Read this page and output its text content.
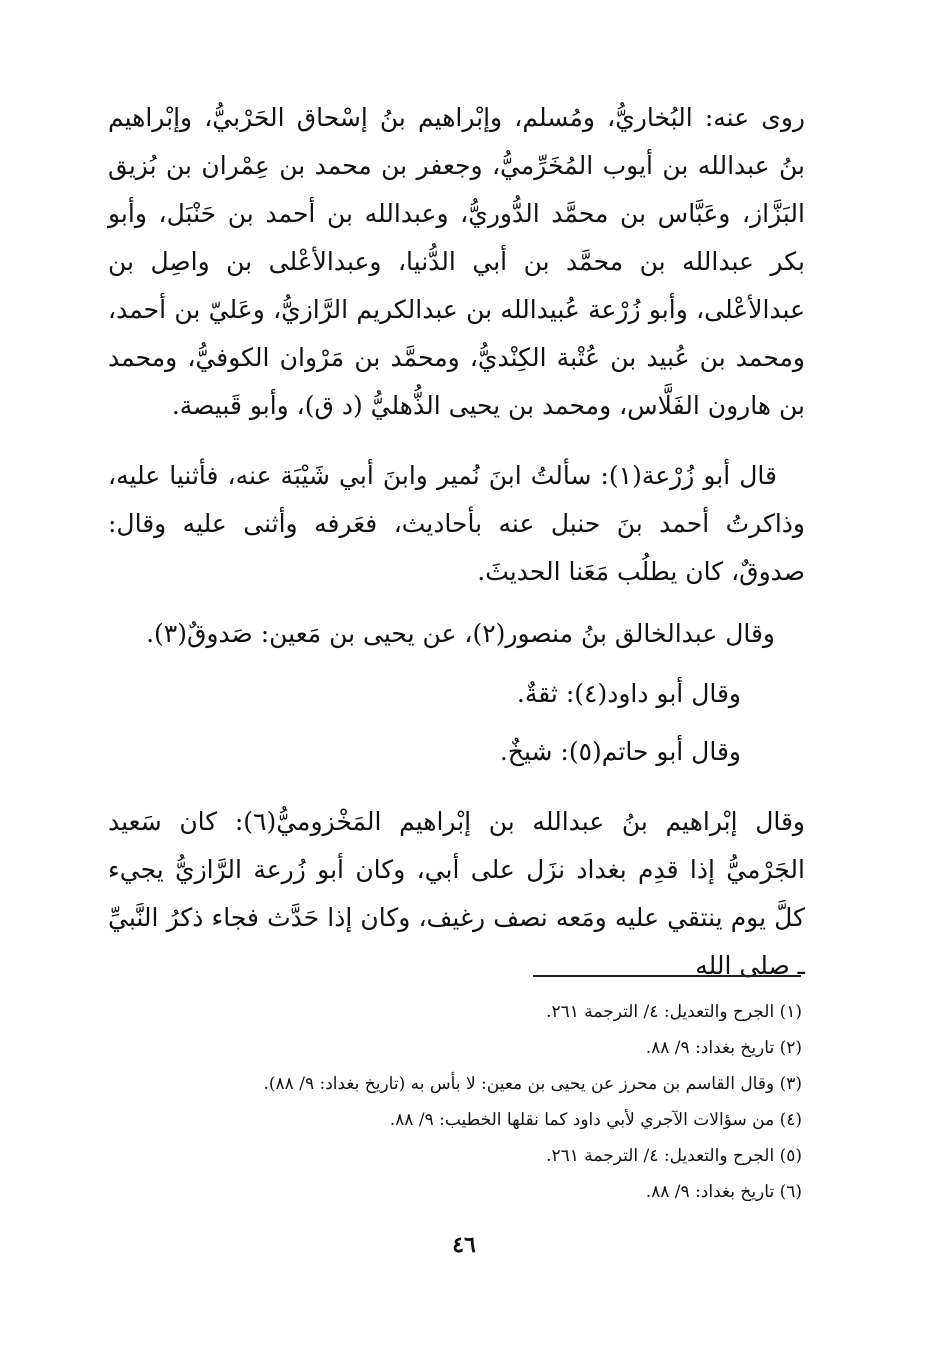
روى عنه: البُخاريُّ، ومُسلم، وإبْراهيم بنُ إسْحاق الحَرْبيُّ، وإبْراهيم بنُ عبدالله بن أيوب المُخَرِّميُّ، وجعفر بن محمد بن عِمْران بن بُزيق البَزَّاز، وعَبَّاس بن محمَّد الدُّوريُّ، وعبدالله بن أحمد بن حَنْبَل، وأبو بكر عبدالله بن محمَّد بن أبي الدُّنيا، وعبدالأعْلى بن واصِل بن عبدالأعْلى، وأبو زُرْعة عُبيدالله بن عبدالكريم الرَّازيُّ، وعَليّ بن أحمد، ومحمد بن عُبيد بن عُتْبة الكِنْديُّ، ومحمَّد بن مَرْوان الكوفيُّ، ومحمد بن هارون الفَلَّاس، ومحمد بن يحيى الذُّهليُّ (د ق)، وأبو قَبيصة.

قال أبو زُرْعة(١): سألتُ ابنَ نُمير وابنَ أبي شَيْبَة عنه، فأثنيا عليه، وذاكرتُ أحمد بنَ حنبل عنه بأحاديث، فعَرفه وأثنى عليه وقال: صدوقٌ، كان يطلُب مَعَنا الحديثَ.

وقال عبدالخالق بنُ منصور(٢)، عن يحيى بن مَعين: صَدوقٌ(٣).

وقال أبو داود(٤): ثقةٌ.

وقال أبو حاتم(٥): شيخٌ.

وقال إبْراهيم بنُ عبدالله بن إبْراهيم المَخْزوميُّ(٦): كان سَعيد الجَرْميُّ إذا قدِم بغداد نزَل على أبي، وكان أبو زُرعة الرَّازيُّ يجيء كلَّ يوم ينتقي عليه ومَعه نصف رغيف، وكان إذا حَدَّث فجاء ذكرُ النَّبيِّ ـ صلى الله

(١) الجرح والتعديل: ٤/ الترجمة ٢٦١.
(٢) تاريخ بغداد: ٩/ ٨٨.
(٣) وقال القاسم بن محرز عن يحيى بن معين: لا بأس به (تاريخ بغداد: ٩/ ٨٨).
(٤) من سؤالات الآجري لأبي داود كما نقلها الخطيب: ٩/ ٨٨.
(٥) الجرح والتعديل: ٤/ الترجمة ٢٦١.
(٦) تاريخ بغداد: ٩/ ٨٨.
٤٦
